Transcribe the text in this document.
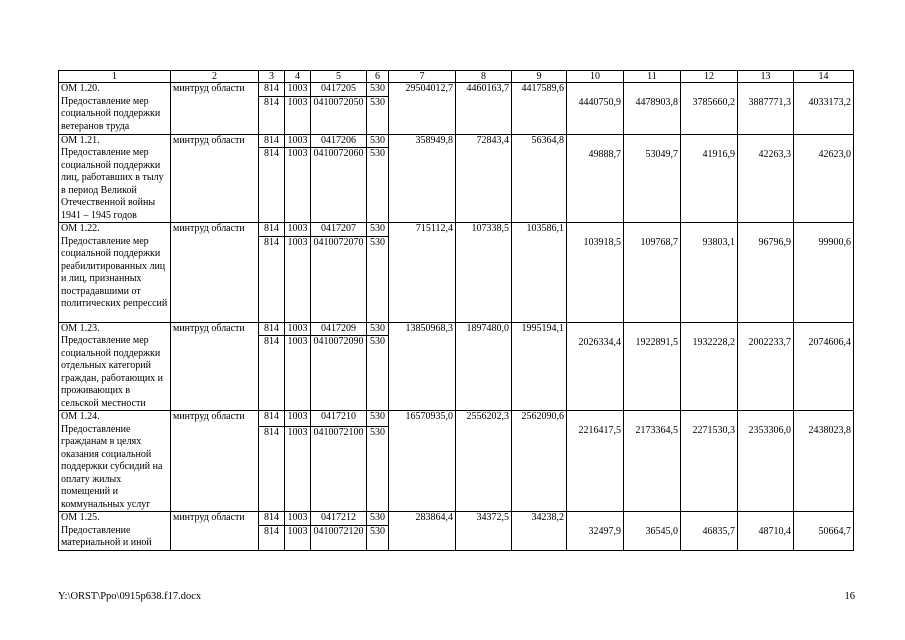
1	2	3	4	5	6	7	8	9	10	11	12	13	14

ОМ 1.20.
Предоставление мер социальной поддержки ветеранов труда	минтруд области	814	1003	0417205	530	29504012,7	4460163,7	4417589,6	4440750,9	4478903,8	3785660,2	3887771,3	4033173,2
		814	1003	0410072050	530								

ОМ 1.21.
Предоставление мер социальной поддержки лиц, работавших в тылу в период Великой Отечественной войны 1941 – 1945 годов	минтруд области	814	1003	0417206	530	358949,8	72843,4	56364,8	49888,7	53049,7	41916,9	42263,3	42623,0
		814	1003	0410072060	530								

ОМ 1.22.
Предоставление мер социальной поддержки реабилитированных лиц и лиц, признанных пострадавшими от политических репрессий	минтруд области	814	1003	0417207	530	715112,4	107338,5	103586,1	103918,5	109768,7	93803,1	96796,9	99900,6
		814	1003	0410072070	530								

ОМ 1.23.
Предоставление мер социальной поддержки отдельных категорий граждан, работающих и проживающих в сельской местности	минтруд области	814	1003	0417209	530	13850968,3	1897480,0	1995194,1	2026334,4	1922891,5	1932228,2	2002233,7	2074606,4
		814	1003	0410072090	530								

ОМ 1.24.
Предоставление гражданам в целях оказания социальной поддержки субсидий на оплату жилых помещений и коммунальных услуг	минтруд области	814	1003	0417210	530	16570935,0	2556202,3	2562090,6	2216417,5	2173364,5	2271530,3	2353306,0	2438023,8
		814	1003	0410072100	530								

ОМ 1.25.
Предоставление материальной и иной	минтруд области	814	1003	0417212	530	283864,4	34372,5	34238,2	32497,9	36545,0	46835,7	48710,4	50664,7
		814	1003	0410072120	530								
Y:\ORST\Ppo\0915p638.f17.docx	16
